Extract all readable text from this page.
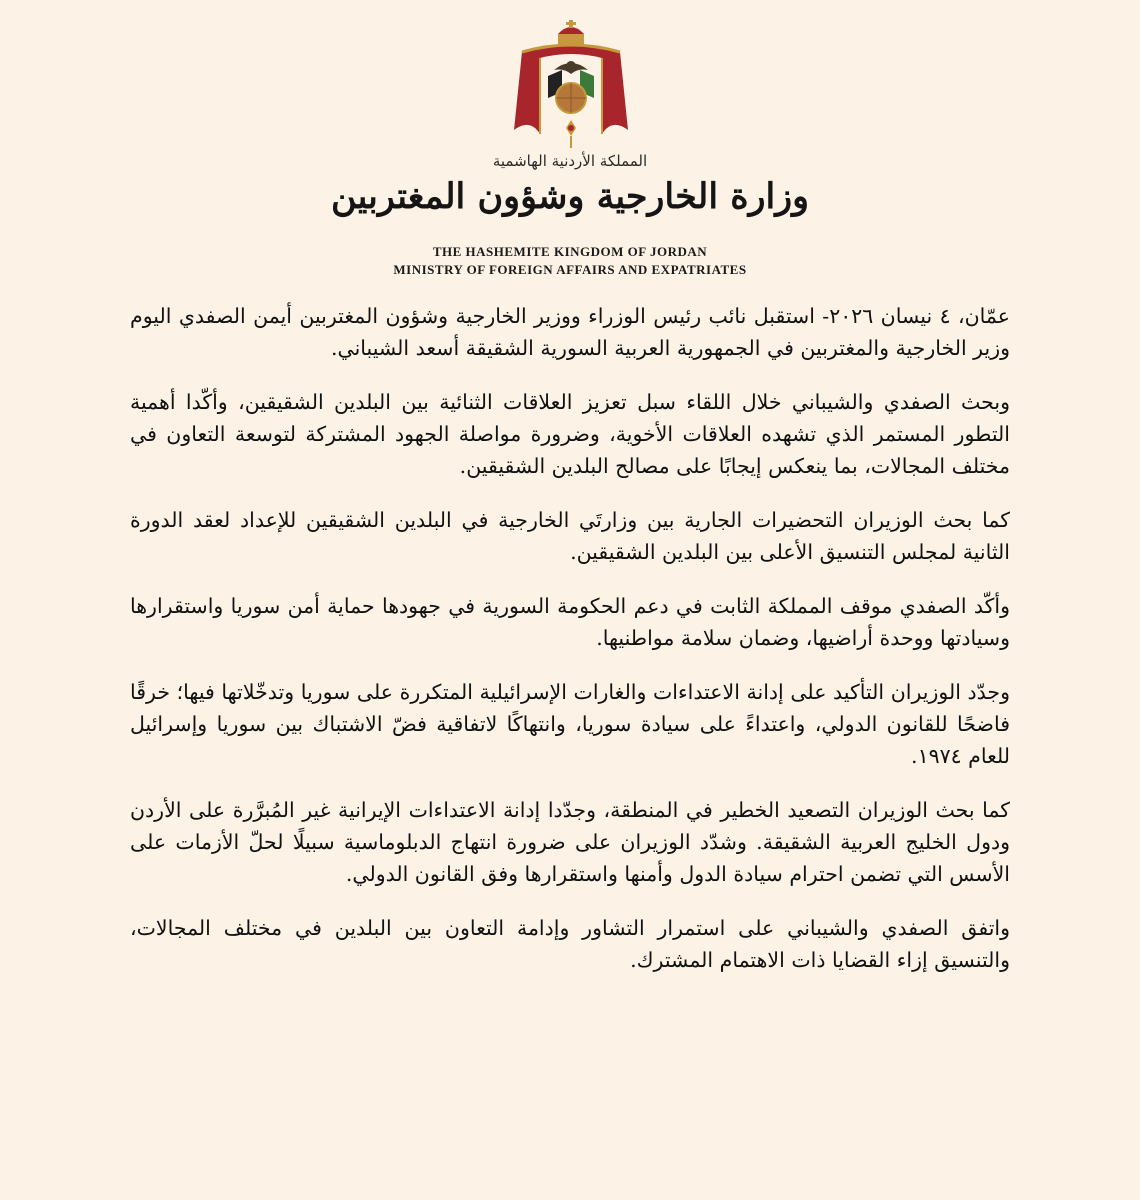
المملكة الأردنية الهاشمية
وزارة الخارجية وشؤون المغتربين
THE HASHEMITE KINGDOM OF JORDAN
MINISTRY OF FOREIGN AFFAIRS AND EXPATRIATES

عمّان، ٤ نيسان ٢٠٢٦- استقبل نائب رئيس الوزراء ووزير الخارجية وشؤون المغتربين أيمن الصفدي اليوم وزير الخارجية والمغتربين في الجمهورية العربية السورية الشقيقة أسعد الشيباني.

وبحث الصفدي والشيباني خلال اللقاء سبل تعزيز العلاقات الثنائية بين البلدين الشقيقين، وأكّدا أهمية التطور المستمر الذي تشهده العلاقات الأخوية، وضرورة مواصلة الجهود المشتركة لتوسعة التعاون في مختلف المجالات، بما ينعكس إيجابًا على مصالح البلدين الشقيقين.

كما بحث الوزيران التحضيرات الجارية بين وزارتَي الخارجية في البلدين الشقيقين للإعداد لعقد الدورة الثانية لمجلس التنسيق الأعلى بين البلدين الشقيقين.

وأكّد الصفدي موقف المملكة الثابت في دعم الحكومة السورية في جهودها حماية أمن سوريا واستقرارها وسيادتها ووحدة أراضيها، وضمان سلامة مواطنيها.

وجدّد الوزيران التأكيد على إدانة الاعتداءات والغارات الإسرائيلية المتكررة على سوريا وتدخّلاتها فيها؛ خرقًا فاضحًا للقانون الدولي، واعتداءً على سيادة سوريا، وانتهاكًا لاتفاقية فضّ الاشتباك بين سوريا وإسرائيل للعام ١٩٧٤.

كما بحث الوزيران التصعيد الخطير في المنطقة، وجدّدا إدانة الاعتداءات الإيرانية غير المُبرَّرة على الأردن ودول الخليج العربية الشقيقة. وشدّد الوزيران على ضرورة انتهاج الدبلوماسية سبيلًا لحلّ الأزمات على الأسس التي تضمن احترام سيادة الدول وأمنها واستقرارها وفق القانون الدولي.

واتفق الصفدي والشيباني على استمرار التشاور وإدامة التعاون بين البلدين في مختلف المجالات، والتنسيق إزاء القضايا ذات الاهتمام المشترك.
